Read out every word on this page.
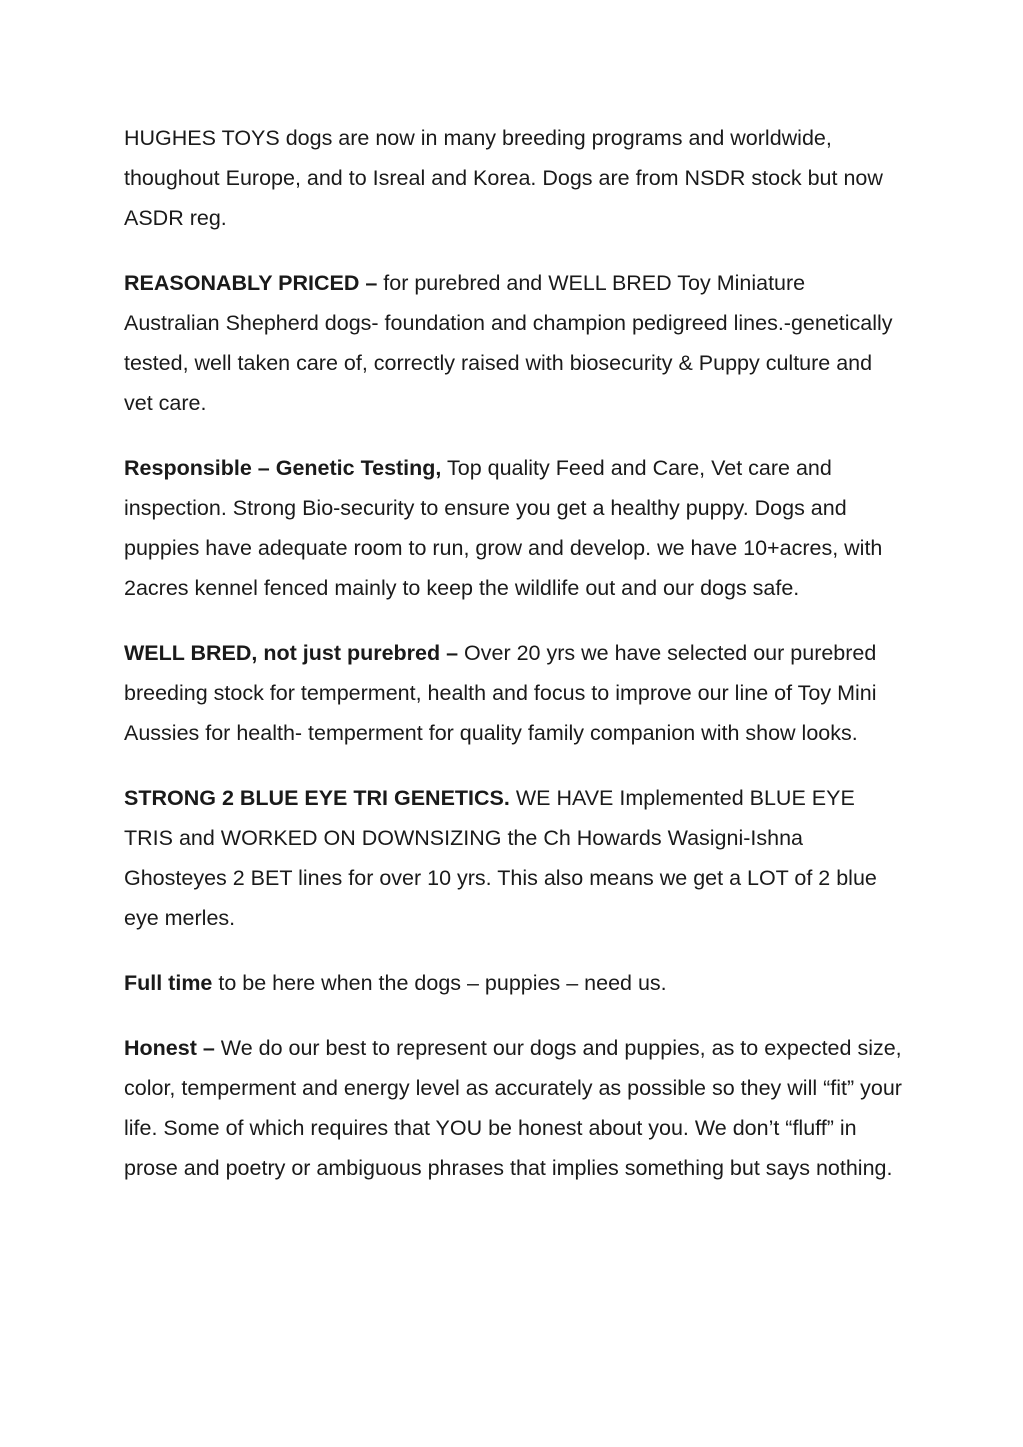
HUGHES TOYS dogs are now in many breeding programs and worldwide, thoughout Europe, and to Isreal and Korea. Dogs are from NSDR stock but now ASDR reg.

REASONABLY PRICED – for purebred and WELL BRED Toy Miniature Australian Shepherd dogs- foundation and champion pedigreed lines.-genetically tested, well taken care of, correctly raised with biosecurity & Puppy culture and vet care.

Responsible – Genetic Testing, Top quality Feed and Care, Vet care and inspection. Strong Bio-security to ensure you get a healthy puppy. Dogs and puppies have adequate room to run, grow and develop. we have 10+acres, with 2acres kennel fenced mainly to keep the wildlife out and our dogs safe.

WELL BRED, not just purebred – Over 20 yrs we have selected our purebred breeding stock for temperment, health and focus to improve our line of Toy Mini Aussies for health- temperment for quality family companion with show looks.

STRONG 2 BLUE EYE TRI GENETICS. WE HAVE Implemented BLUE EYE TRIS and WORKED ON DOWNSIZING the Ch Howards Wasigni-Ishna Ghosteyes 2 BET lines for over 10 yrs. This also means we get a LOT of 2 blue eye merles.

Full time to be here when the dogs – puppies – need us.

Honest – We do our best to represent our dogs and puppies, as to expected size, color, temperment and energy level as accurately as possible so they will “fit” your life. Some of which requires that YOU be honest about you. We don’t “fluff” in prose and poetry or ambiguous phrases that implies something but says nothing.
